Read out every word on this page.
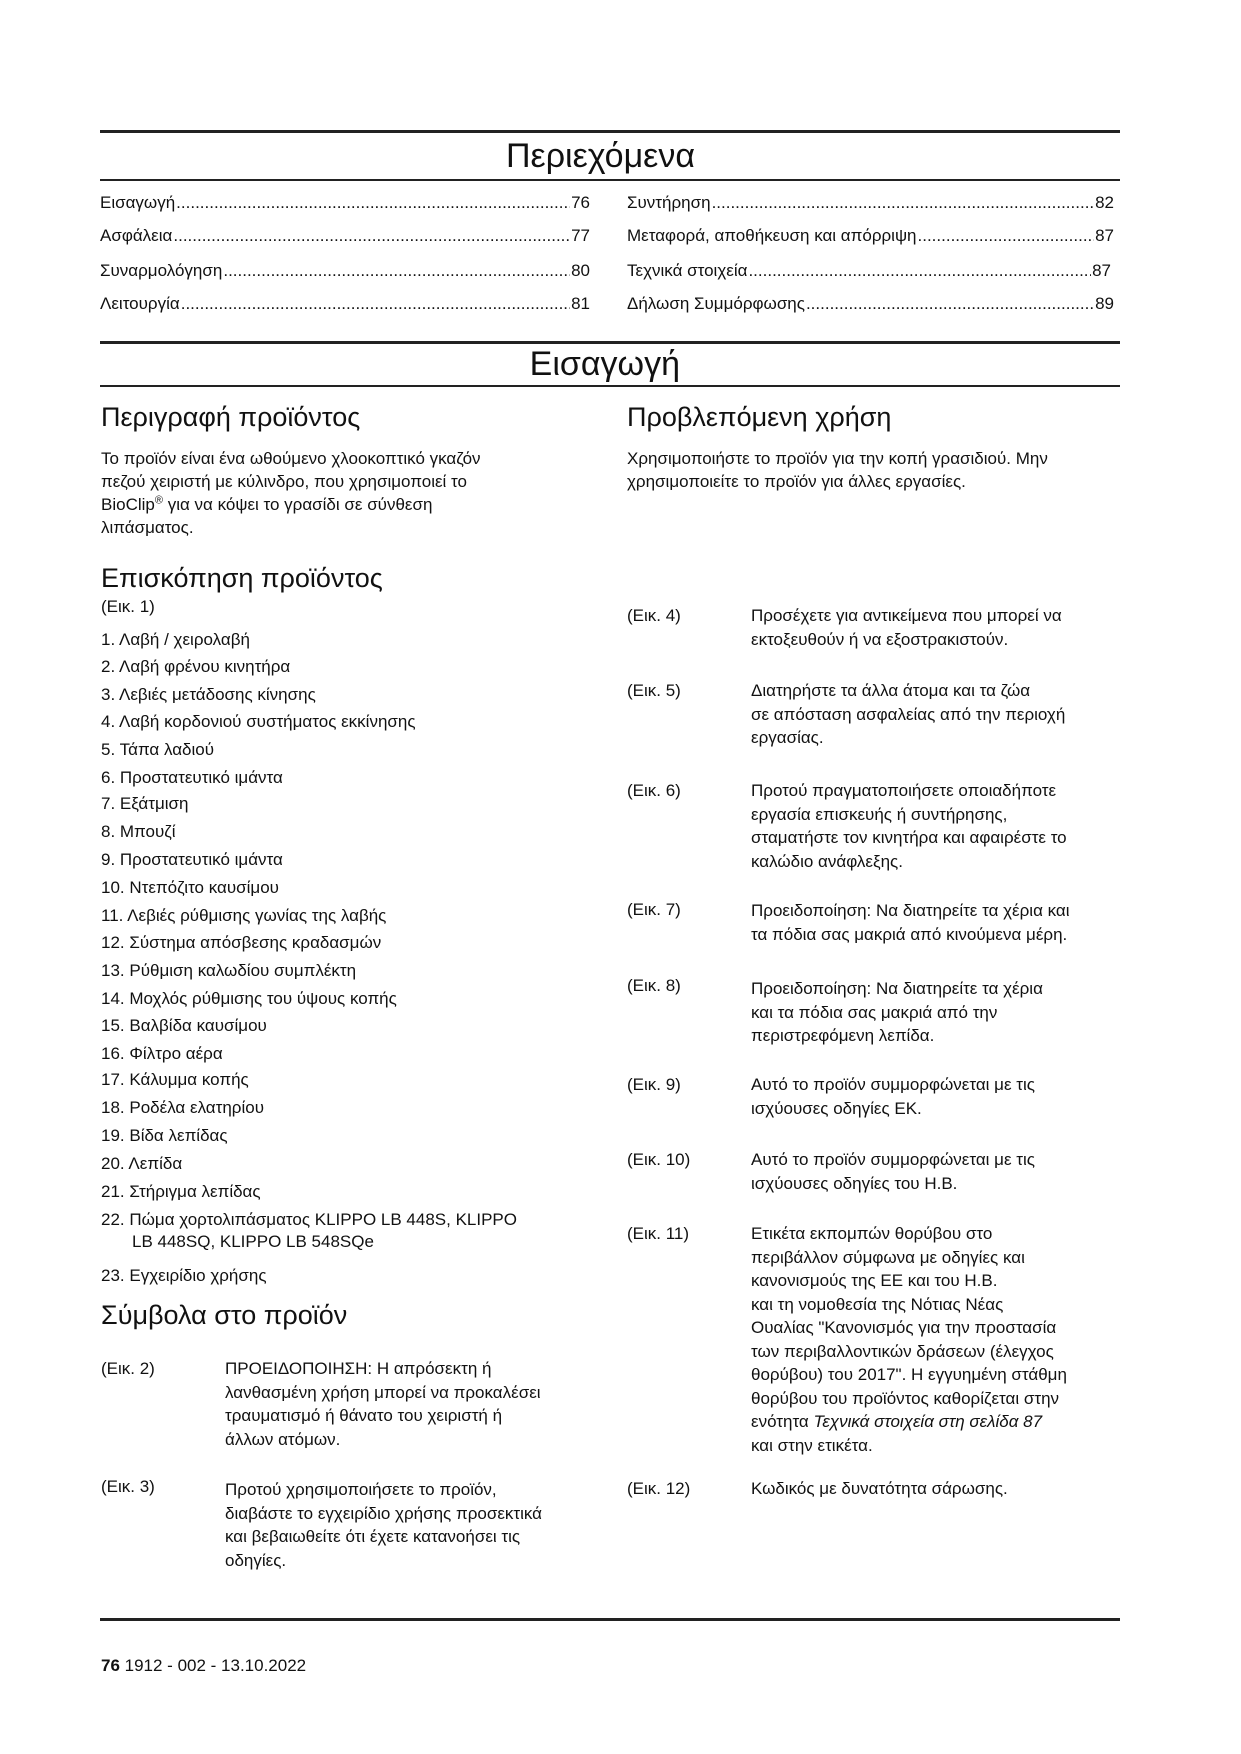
Περιεχόμενα
Εισαγωγή .....	76
Ασφάλεια .....	77
Συναρμολόγηση .....	80
Λειτουργία .....	81
Συντήρηση .....	82
Μεταφορά, αποθήκευση και απόρριψη .....	87
Τεχνικά στοιχεία .....	87
Δήλωση Συμμόρφωσης .....	89
Εισαγωγή
Περιγραφή προϊόντος
Το προϊόν είναι ένα ωθούμενο χλοοκοπτικό γκαζόν
πεζού χειριστή με κύλινδρο, που χρησιμοποιεί το
BioClip® για να κόψει το γρασίδι σε σύνθεση
λιπάσματος.
Προβλεπόμενη χρήση
Χρησιμοποιήστε το προϊόν για την κοπή γρασιδιού. Μην
χρησιμοποιείτε το προϊόν για άλλες εργασίες.
Επισκόπηση προϊόντος
(Εικ. 1)
1. Λαβή / χειρολαβή
2. Λαβή φρένου κινητήρα
3. Λεβιές μετάδοσης κίνησης
4. Λαβή κορδονιού συστήματος εκκίνησης
5. Τάπα λαδιού
6. Προστατευτικό ιμάντα
7. Εξάτμιση
8. Μπουζί
9. Προστατευτικό ιμάντα
10. Ντεπόζιτο καυσίμου
11. Λεβιές ρύθμισης γωνίας της λαβής
12. Σύστημα απόσβεσης κραδασμών
13. Ρύθμιση καλωδίου συμπλέκτη
14. Μοχλός ρύθμισης του ύψους κοπής
15. Βαλβίδα καυσίμου
16. Φίλτρο αέρα
17. Κάλυμμα κοπής
18. Ροδέλα ελατηρίου
19. Βίδα λεπίδας
20. Λεπίδα
21. Στήριγμα λεπίδας
22. Πώμα χορτολιπάσματος KLIPPO LB 448S, KLIPPO
LB 448SQ, KLIPPO LB 548SQe
23. Εγχειρίδιο χρήσης
Σύμβολα στο προϊόν
(Εικ. 2)	ΠΡΟΕΙΔΟΠΟΙΗΣΗ: Η απρόσεκτη ή
λανθασμένη χρήση μπορεί να προκαλέσει
τραυματισμό ή θάνατο του χειριστή ή
άλλων ατόμων.
(Εικ. 3)	Προτού χρησιμοποιήσετε το προϊόν,
διαβάστε το εγχειρίδιο χρήσης προσεκτικά
και βεβαιωθείτε ότι έχετε κατανοήσει τις
οδηγίες.
(Εικ. 4)	Προσέχετε για αντικείμενα που μπορεί να
εκτοξευθούν ή να εξοστρακιστούν.
(Εικ. 5)	Διατηρήστε τα άλλα άτομα και τα ζώα
σε απόσταση ασφαλείας από την περιοχή
εργασίας.
(Εικ. 6)	Προτού πραγματοποιήσετε οποιαδήποτε
εργασία επισκευής ή συντήρησης,
σταματήστε τον κινητήρα και αφαιρέστε το
καλώδιο ανάφλεξης.
(Εικ. 7)	Προειδοποίηση: Να διατηρείτε τα χέρια και
τα πόδια σας μακριά από κινούμενα μέρη.
(Εικ. 8)	Προειδοποίηση: Να διατηρείτε τα χέρια
και τα πόδια σας μακριά από την
περιστρεφόμενη λεπίδα.
(Εικ. 9)	Αυτό το προϊόν συμμορφώνεται με τις
ισχύουσες οδηγίες ΕΚ.
(Εικ. 10)	Αυτό το προϊόν συμμορφώνεται με τις
ισχύουσες οδηγίες του Η.Β.
(Εικ. 11)	Ετικέτα εκπομπών θορύβου στο
περιβάλλον σύμφωνα με οδηγίες και
κανονισμούς της ΕΕ και του Η.Β.
και τη νομοθεσία της Νότιας Νέας
Ουαλίας "Κανονισμός για την προστασία
των περιβαλλοντικών δράσεων (έλεγχος
θορύβου) του 2017". Η εγγυημένη στάθμη
θορύβου του προϊόντος καθορίζεται στην
ενότητα Τεχνικά στοιχεία στη σελίδα 87
και στην ετικέτα.
(Εικ. 12)	Κωδικός με δυνατότητα σάρωσης.
76 1912 - 002 - 13.10.2022
